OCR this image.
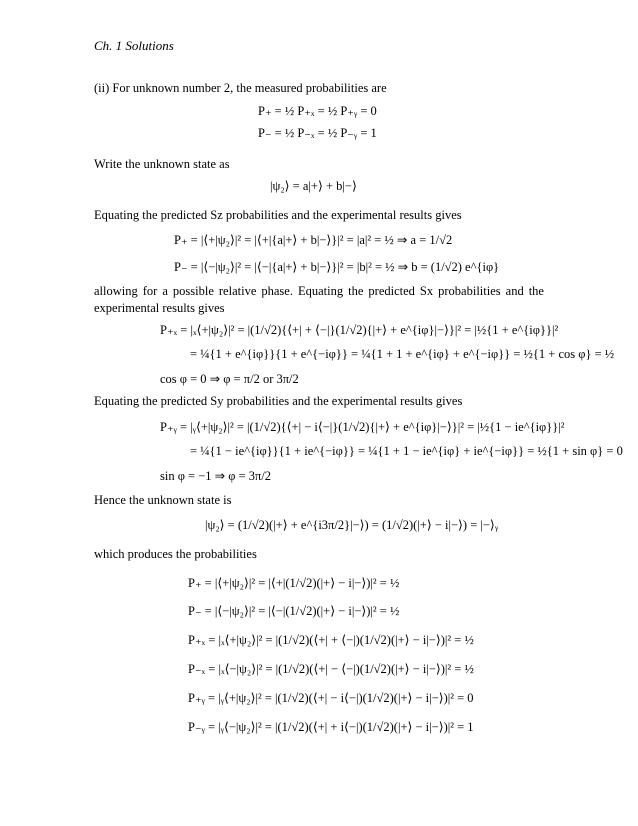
Ch. 1 Solutions
(ii) For unknown number 2, the measured probabilities are
P₊ = ½ P₊ₓ = ½ P₊ᵧ = 0
P₋ = ½ P₋ₓ = ½ P₋ᵧ = 1
Write the unknown state as
|ψ₂⟩ = a|+⟩ + b|−⟩
Equating the predicted Sz probabilities and the experimental results gives
P₊ = |⟨+|ψ₂⟩|² = |⟨+|{a|+⟩ + b|−⟩}|² = |a|² = ½ ⇒ a = 1/√2
P₋ = |⟨−|ψ₂⟩|² = |⟨−|{a|+⟩ + b|−⟩}|² = |b|² = ½ ⇒ b = (1/√2) e^{iφ}
allowing for a possible relative phase. Equating the predicted Sx probabilities and the experimental results gives
P₊ₓ = |ₓ⟨+|ψ₂⟩|² = |(1/√2){⟨+| + ⟨−|}(1/√2){|+⟩ + e^{iφ}|−⟩}|² = |½{1 + e^{iφ}}|²
= ¼{1 + e^{iφ}}{1 + e^{−iφ}} = ¼{1 + 1 + e^{iφ} + e^{−iφ}} = ½{1 + cos φ} = ½
cos φ = 0 ⇒ φ = π/2 or 3π/2
Equating the predicted Sy probabilities and the experimental results gives
P₊ᵧ = |ᵧ⟨+|ψ₂⟩|² = |(1/√2){⟨+| − i⟨−|}(1/√2){|+⟩ + e^{iφ}|−⟩}|² = |½{1 − ie^{iφ}}|²
= ¼{1 − ie^{iφ}}{1 + ie^{−iφ}} = ¼{1 + 1 − ie^{iφ} + ie^{−iφ}} = ½{1 + sin φ} = 0
sin φ = −1 ⇒ φ = 3π/2
Hence the unknown state is
|ψ₂⟩ = (1/√2)(|+⟩ + e^{i3π/2}|−⟩) = (1/√2)(|+⟩ − i|−⟩) = |−⟩ᵧ
which produces the probabilities
P₊ = |⟨+|ψ₂⟩|² = |⟨+|(1/√2)(|+⟩ − i|−⟩)|² = ½
P₋ = |⟨−|ψ₂⟩|² = |⟨−|(1/√2)(|+⟩ − i|−⟩)|² = ½
P₊ₓ = |ₓ⟨+|ψ₂⟩|² = |(1/√2)(⟨+| + ⟨−|)(1/√2)(|+⟩ − i|−⟩)|² = ½
P₋ₓ = |ₓ⟨−|ψ₂⟩|² = |(1/√2)(⟨+| − ⟨−|)(1/√2)(|+⟩ − i|−⟩)|² = ½
P₊ᵧ = |ᵧ⟨+|ψ₂⟩|² = |(1/√2)(⟨+| − i⟨−|)(1/√2)(|+⟩ − i|−⟩)|² = 0
P₋ᵧ = |ᵧ⟨−|ψ₂⟩|² = |(1/√2)(⟨+| + i⟨−|)(1/√2)(|+⟩ − i|−⟩)|² = 1
